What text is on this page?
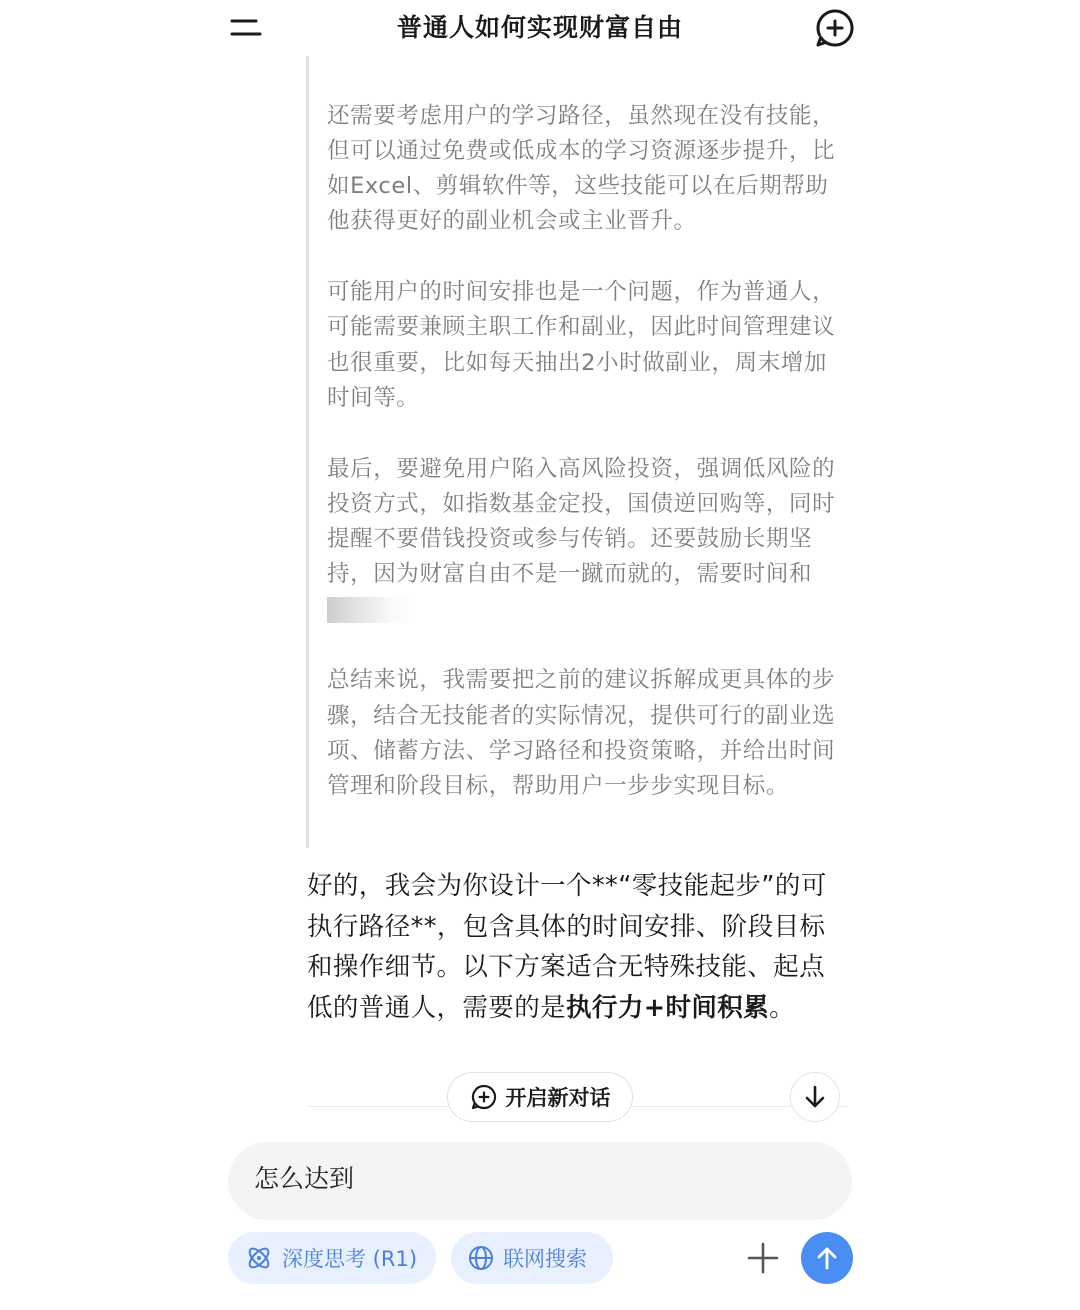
普通人如何实现财富自由

还需要考虑用户的学习路径，虽然现在没有技能，但可以通过免费或低成本的学习资源逐步提升，比如Excel、剪辑软件等，这些技能可以在后期帮助他获得更好的副业机会或主业晋升。

可能用户的时间安排也是一个问题，作为普通人，可能需要兼顾主职工作和副业，因此时间管理建议也很重要，比如每天抽出2小时做副业，周末增加时间等。

最后，要避免用户陷入高风险投资，强调低风险的投资方式，如指数基金定投，国债逆回购等，同时提醒不要借钱投资或参与传销。还要鼓励长期坚持，因为财富自由不是一蹴而就的，需要时间和

总结来说，我需要把之前的建议拆解成更具体的步骤，结合无技能者的实际情况，提供可行的副业选项、储蓄方法、学习路径和投资策略，并给出时间管理和阶段目标，帮助用户一步步实现目标。

好的，我会为你设计一个**“零技能起步”的可执行路径**，包含具体的时间安排、阶段目标和操作细节。以下方案适合无特殊技能、起点低的普通人，需要的是执行力+时间积累。
开启新对话
怎么达到
深度思考 (R1)	联网搜索
